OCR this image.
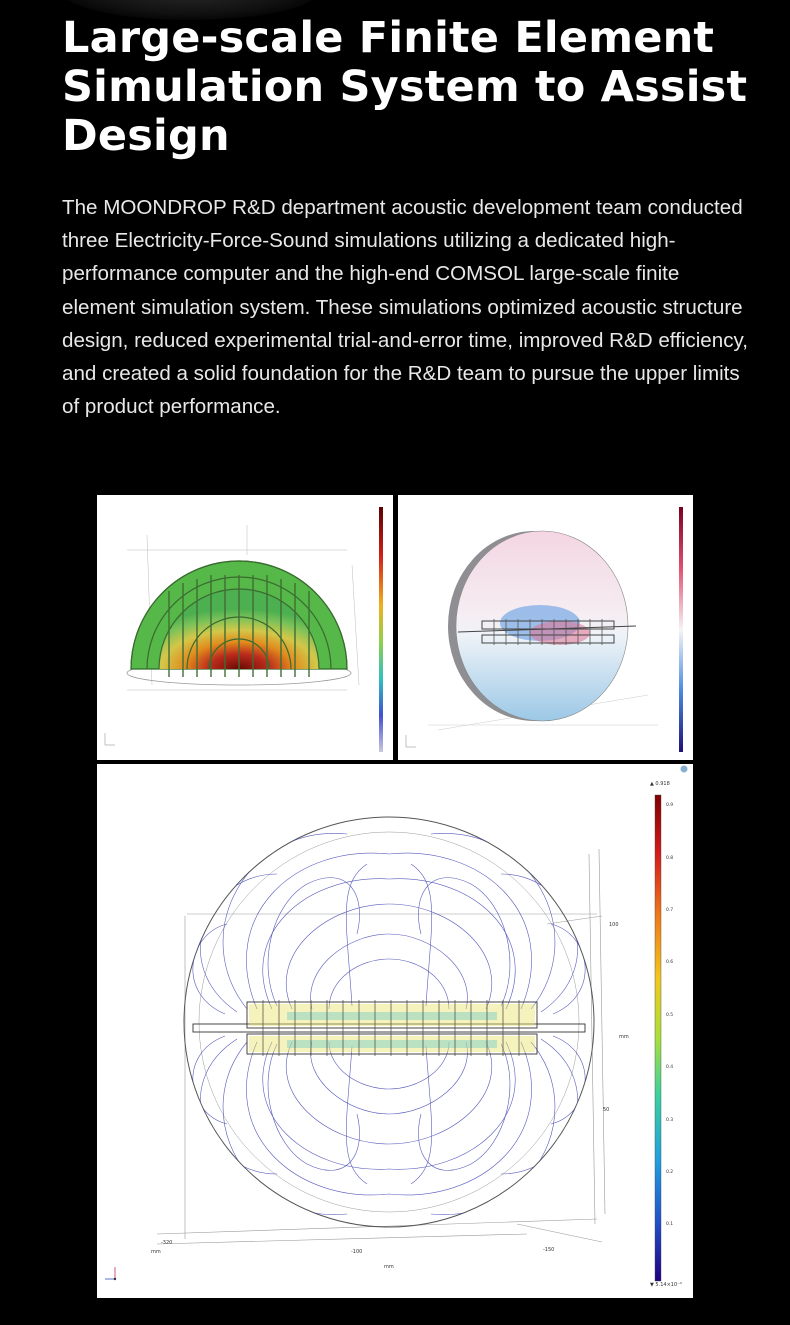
Large-scale Finite Element Simulation System to Assist Design

The MOONDROP R&D department acoustic development team conducted three Electricity-Force-Sound simulations utilizing a dedicated high-performance computer and the high-end COMSOL large-scale finite element simulation system. These simulations optimized acoustic structure design, reduced experimental trial-and-error time, improved R&D efficiency, and created a solid foundation for the R&D team to pursue the upper limits of product performance.

100
mm
50
-320
mm	-100	-150
mm
▲ 0.918
▼ 5.14×10⁻⁴
0.9
0.8
0.7
0.6
0.5
0.4
0.3
0.2
0.1
